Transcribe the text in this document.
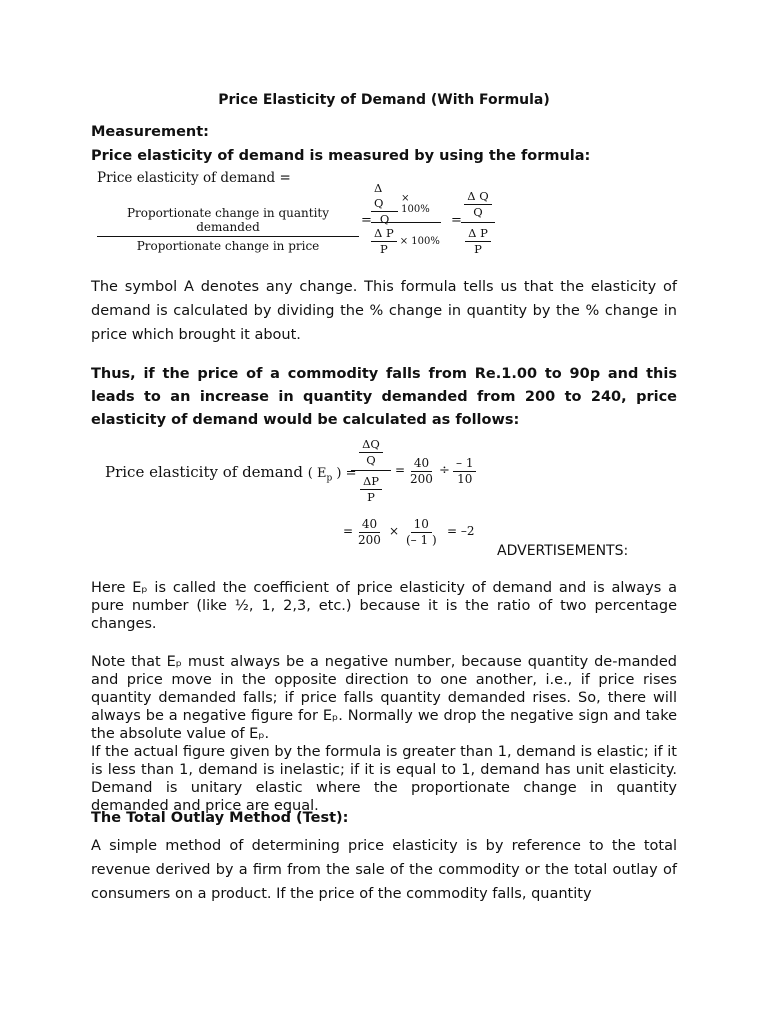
Price Elasticity of Demand (With Formula)
Measurement:
Price elasticity of demand is measured by using the formula:
Price elasticity of demand =
Proportionate change in quantity demanded
Proportionate change in price
= $\frac{\text{Δ Q}}{Q} \times 100\%$
$\frac{\text{Δ P}}{P} \times 100\%$
=
$\frac{\text{Δ Q}}{Q}$
$\frac{\text{Δ P}}{P}$
The symbol A denotes any change. This formula tells us that the elasticity of demand is calculated by dividing the % change in quantity by the % change in price which brought it about.
Thus, if the price of a commodity falls from Re.1.00 to 90p and this leads to an increase in quantity demanded from 200 to 240, price elasticity of demand would be calculated as follows:
Price elasticity of demand ( $E_p$ ) =
$\frac{\Delta Q}{Q}$
$\frac{\Delta P}{P}$
= $\frac{40}{200} \div \frac{- 1}{10}$
= $\frac{40}{200} \times \frac{10}{(- 1 )} = -2$
ADVERTISEMENTS:
Here Eₚ is called the coefficient of price elasticity of demand and is always a pure number (like ½, 1, 2,3, etc.) because it is the ratio of two percentage changes.
Note that Eₚ must always be a negative number, because quantity de-manded and price move in the opposite direction to one another, i.e., if price rises quantity demanded falls; if price falls quantity demanded rises. So, there will always be a negative figure for Eₚ. Normally we drop the negative sign and take the absolute value of Eₚ.
If the actual figure given by the formula is greater than 1, demand is elastic; if it is less than 1, demand is inelastic; if it is equal to 1, demand has unit elasticity. Demand is unitary elastic where the proportionate change in quantity demanded and price are equal.
The Total Outlay Method (Test):
A simple method of determining price elasticity is by reference to the total revenue derived by a firm from the sale of the commodity or the total outlay of consumers on a product. If the price of the commodity falls, quantity
